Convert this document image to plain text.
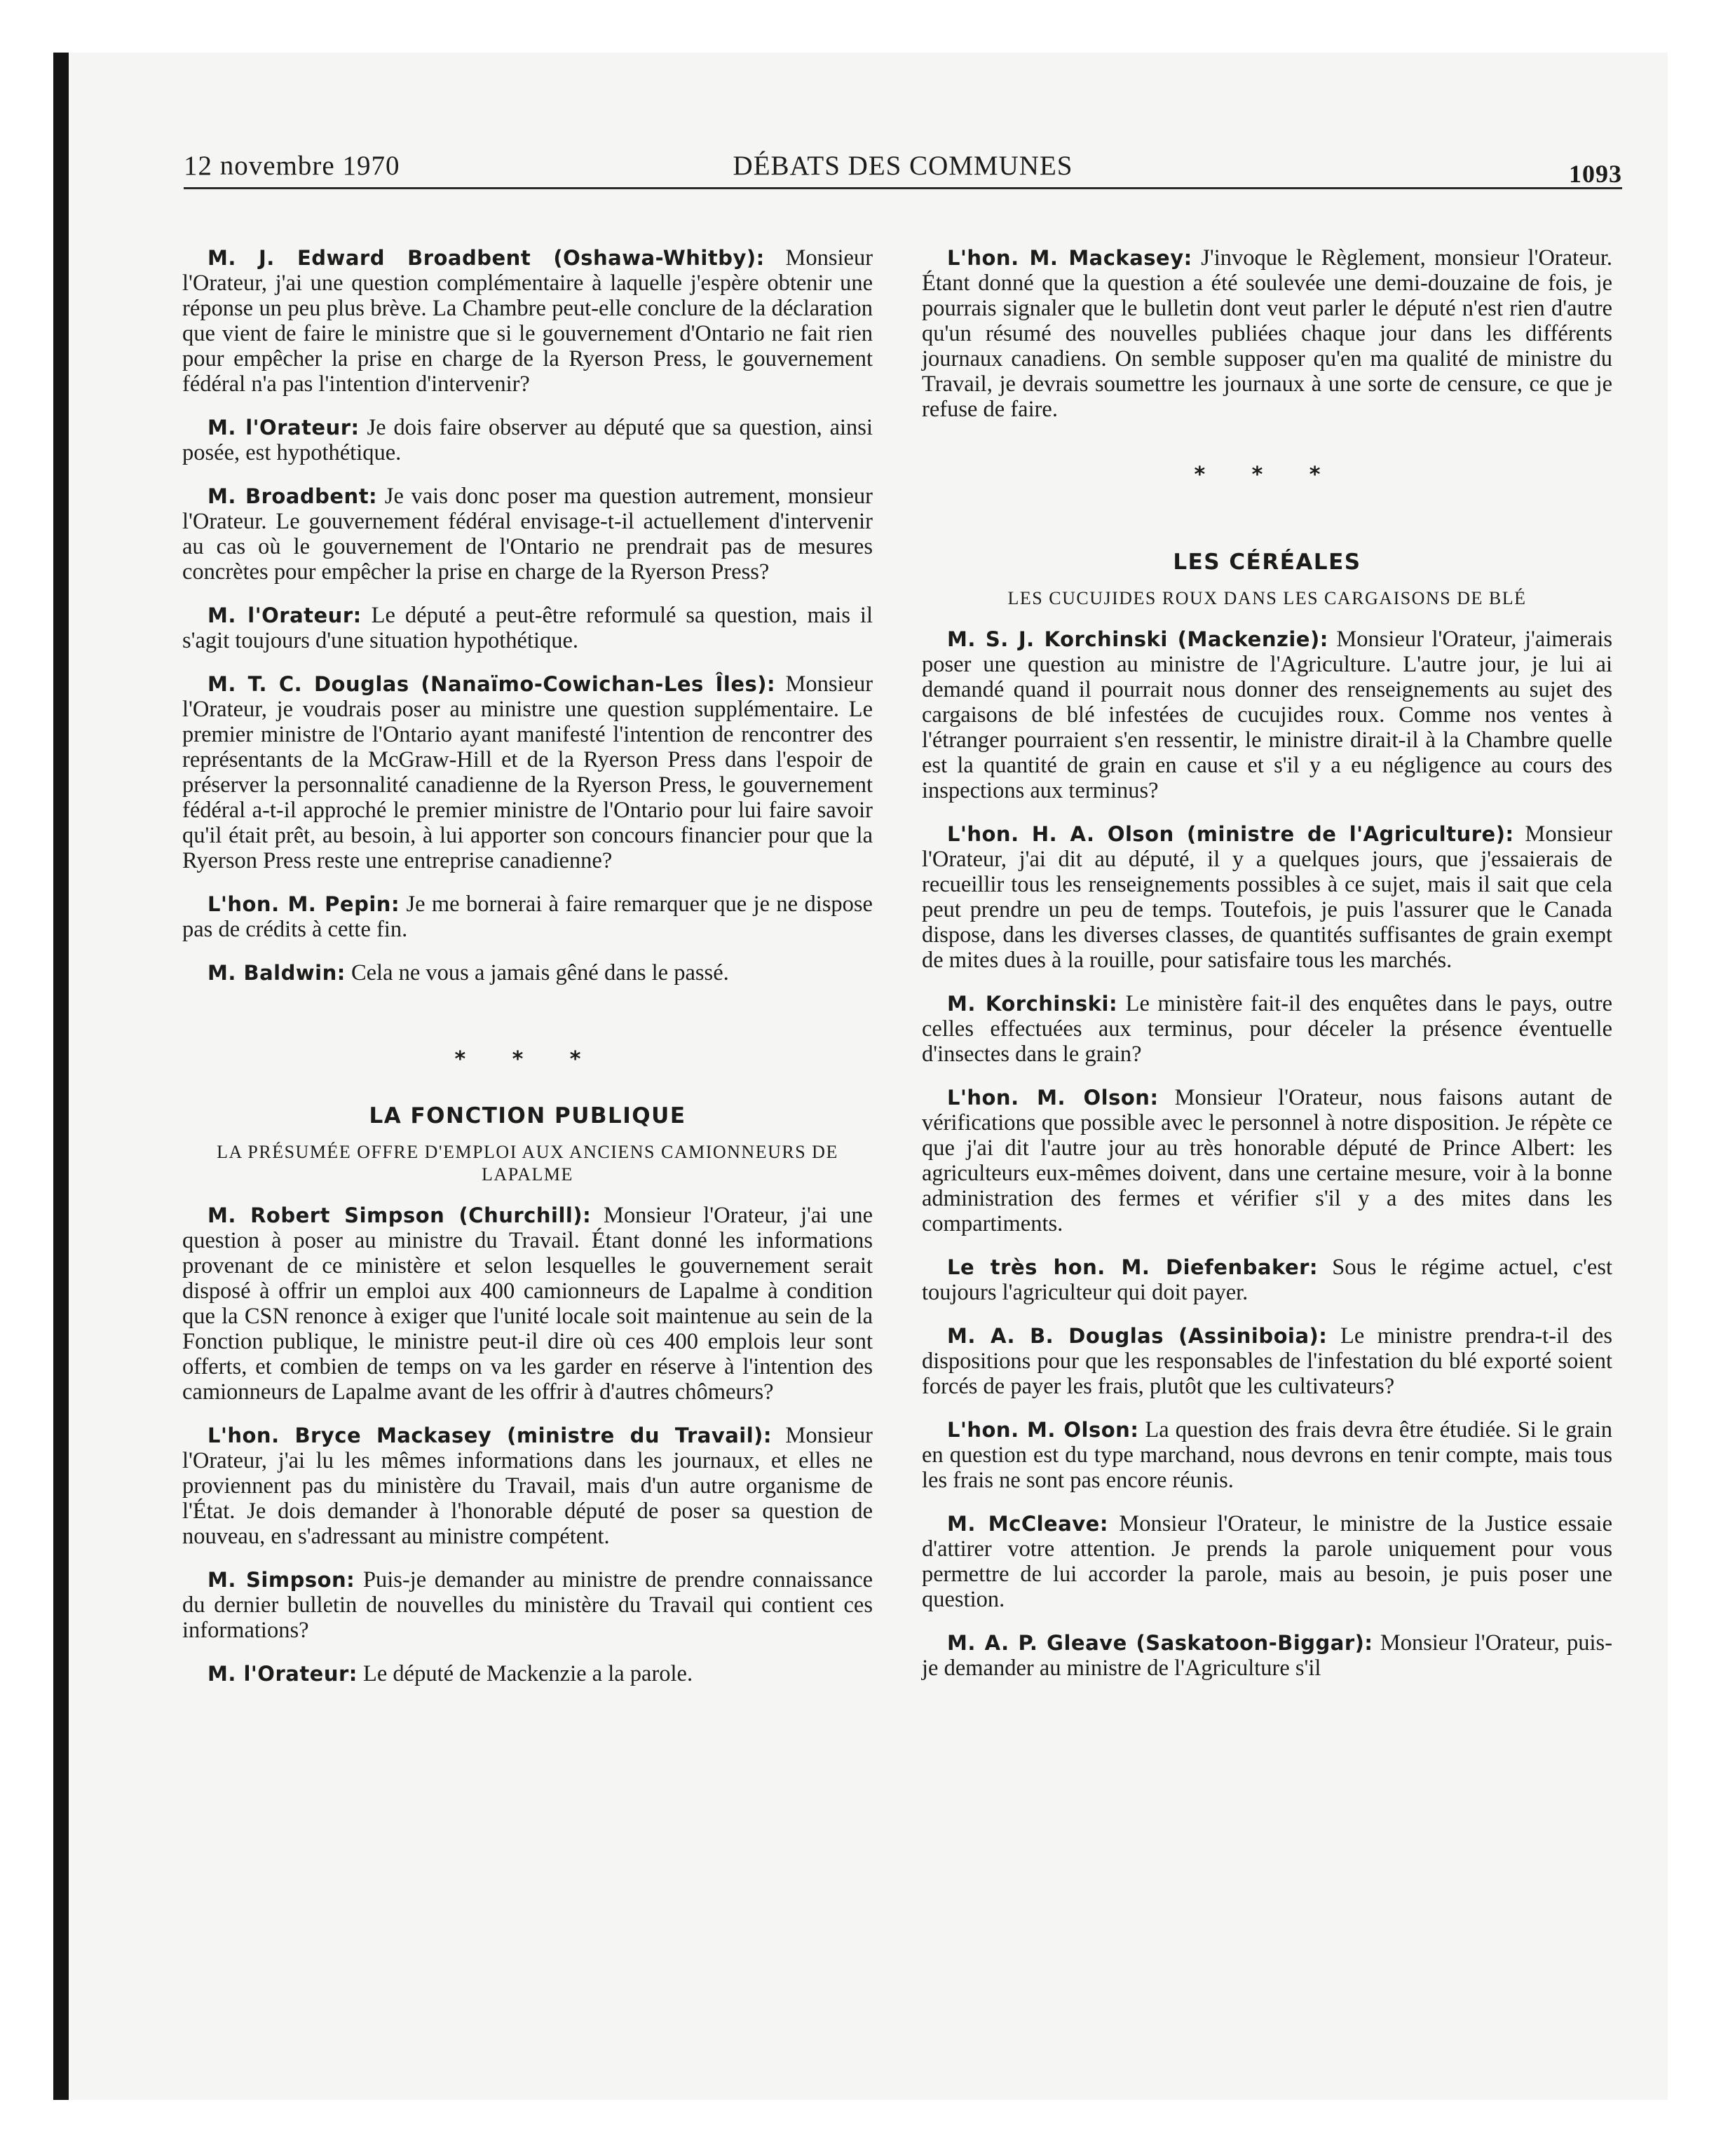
12 novembre 1970	DÉBATS DES COMMUNES	1093

M. J. Edward Broadbent (Oshawa-Whitby): Monsieur l'Orateur, j'ai une question complémentaire à laquelle j'espère obtenir une réponse un peu plus brève. La Chambre peut-elle conclure de la déclaration que vient de faire le ministre que si le gouvernement d'Ontario ne fait rien pour empêcher la prise en charge de la Ryerson Press, le gouvernement fédéral n'a pas l'intention d'intervenir?

M. l'Orateur: Je dois faire observer au député que sa question, ainsi posée, est hypothétique.

M. Broadbent: Je vais donc poser ma question autrement, monsieur l'Orateur. Le gouvernement fédéral envisage-t-il actuellement d'intervenir au cas où le gouvernement de l'Ontario ne prendrait pas de mesures concrètes pour empêcher la prise en charge de la Ryerson Press?

M. l'Orateur: Le député a peut-être reformulé sa question, mais il s'agit toujours d'une situation hypothétique.

M. T. C. Douglas (Nanaïmo-Cowichan-Les Îles): Monsieur l'Orateur, je voudrais poser au ministre une question supplémentaire. Le premier ministre de l'Ontario ayant manifesté l'intention de rencontrer des représentants de la McGraw-Hill et de la Ryerson Press dans l'espoir de préserver la personnalité canadienne de la Ryerson Press, le gouvernement fédéral a-t-il approché le premier ministre de l'Ontario pour lui faire savoir qu'il était prêt, au besoin, à lui apporter son concours financier pour que la Ryerson Press reste une entreprise canadienne?

L'hon. M. Pepin: Je me bornerai à faire remarquer que je ne dispose pas de crédits à cette fin.

M. Baldwin: Cela ne vous a jamais gêné dans le passé.

* * *
LA FONCTION PUBLIQUE
LA PRÉSUMÉE OFFRE D'EMPLOI AUX ANCIENS CAMIONNEURS DE LAPALME

M. Robert Simpson (Churchill): Monsieur l'Orateur, j'ai une question à poser au ministre du Travail. Étant donné les informations provenant de ce ministère et selon lesquelles le gouvernement serait disposé à offrir un emploi aux 400 camionneurs de Lapalme à condition que la CSN renonce à exiger que l'unité locale soit maintenue au sein de la Fonction publique, le ministre peut-il dire où ces 400 emplois leur sont offerts, et combien de temps on va les garder en réserve à l'intention des camionneurs de Lapalme avant de les offrir à d'autres chômeurs?

L'hon. Bryce Mackasey (ministre du Travail): Monsieur l'Orateur, j'ai lu les mêmes informations dans les journaux, et elles ne proviennent pas du ministère du Travail, mais d'un autre organisme de l'État. Je dois demander à l'honorable député de poser sa question de nouveau, en s'adressant au ministre compétent.

M. Simpson: Puis-je demander au ministre de prendre connaissance du dernier bulletin de nouvelles du ministère du Travail qui contient ces informations?

M. l'Orateur: Le député de Mackenzie a la parole.

L'hon. M. Mackasey: J'invoque le Règlement, monsieur l'Orateur. Étant donné que la question a été soulevée une demi-douzaine de fois, je pourrais signaler que le bulletin dont veut parler le député n'est rien d'autre qu'un résumé des nouvelles publiées chaque jour dans les différents journaux canadiens. On semble supposer qu'en ma qualité de ministre du Travail, je devrais soumettre les journaux à une sorte de censure, ce que je refuse de faire.

* * *
LES CÉRÉALES
LES CUCUJIDES ROUX DANS LES CARGAISONS DE BLÉ

M. S. J. Korchinski (Mackenzie): Monsieur l'Orateur, j'aimerais poser une question au ministre de l'Agriculture. L'autre jour, je lui ai demandé quand il pourrait nous donner des renseignements au sujet des cargaisons de blé infestées de cucujides roux. Comme nos ventes à l'étranger pourraient s'en ressentir, le ministre dirait-il à la Chambre quelle est la quantité de grain en cause et s'il y a eu négligence au cours des inspections aux terminus?

L'hon. H. A. Olson (ministre de l'Agriculture): Monsieur l'Orateur, j'ai dit au député, il y a quelques jours, que j'essaierais de recueillir tous les renseignements possibles à ce sujet, mais il sait que cela peut prendre un peu de temps. Toutefois, je puis l'assurer que le Canada dispose, dans les diverses classes, de quantités suffisantes de grain exempt de mites dues à la rouille, pour satisfaire tous les marchés.

M. Korchinski: Le ministère fait-il des enquêtes dans le pays, outre celles effectuées aux terminus, pour déceler la présence éventuelle d'insectes dans le grain?

L'hon. M. Olson: Monsieur l'Orateur, nous faisons autant de vérifications que possible avec le personnel à notre disposition. Je répète ce que j'ai dit l'autre jour au très honorable député de Prince Albert: les agriculteurs eux-mêmes doivent, dans une certaine mesure, voir à la bonne administration des fermes et vérifier s'il y a des mites dans les compartiments.

Le très hon. M. Diefenbaker: Sous le régime actuel, c'est toujours l'agriculteur qui doit payer.

M. A. B. Douglas (Assiniboia): Le ministre prendra-t-il des dispositions pour que les responsables de l'infestation du blé exporté soient forcés de payer les frais, plutôt que les cultivateurs?

L'hon. M. Olson: La question des frais devra être étudiée. Si le grain en question est du type marchand, nous devrons en tenir compte, mais tous les frais ne sont pas encore réunis.

M. McCleave: Monsieur l'Orateur, le ministre de la Justice essaie d'attirer votre attention. Je prends la parole uniquement pour vous permettre de lui accorder la parole, mais au besoin, je puis poser une question.

M. A. P. Gleave (Saskatoon-Biggar): Monsieur l'Orateur, puis-je demander au ministre de l'Agriculture s'il
